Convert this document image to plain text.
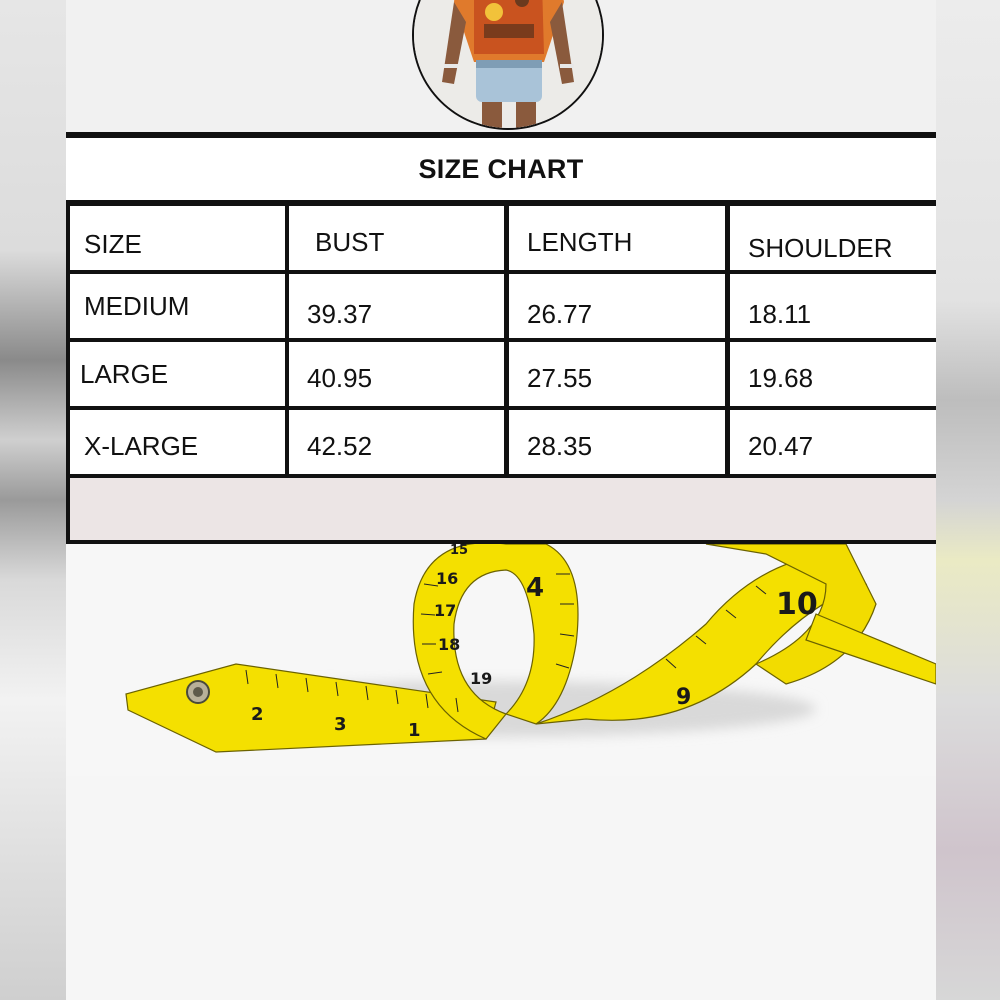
SIZE CHART
SIZE	BUST	LENGTH	SHOULDER
MEDIUM	39.37	26.77	18.11
LARGE	40.95	27.55	19.68
X-LARGE	42.52	28.35	20.47
16
17
18
19
4	10
9
2	3	1
15
